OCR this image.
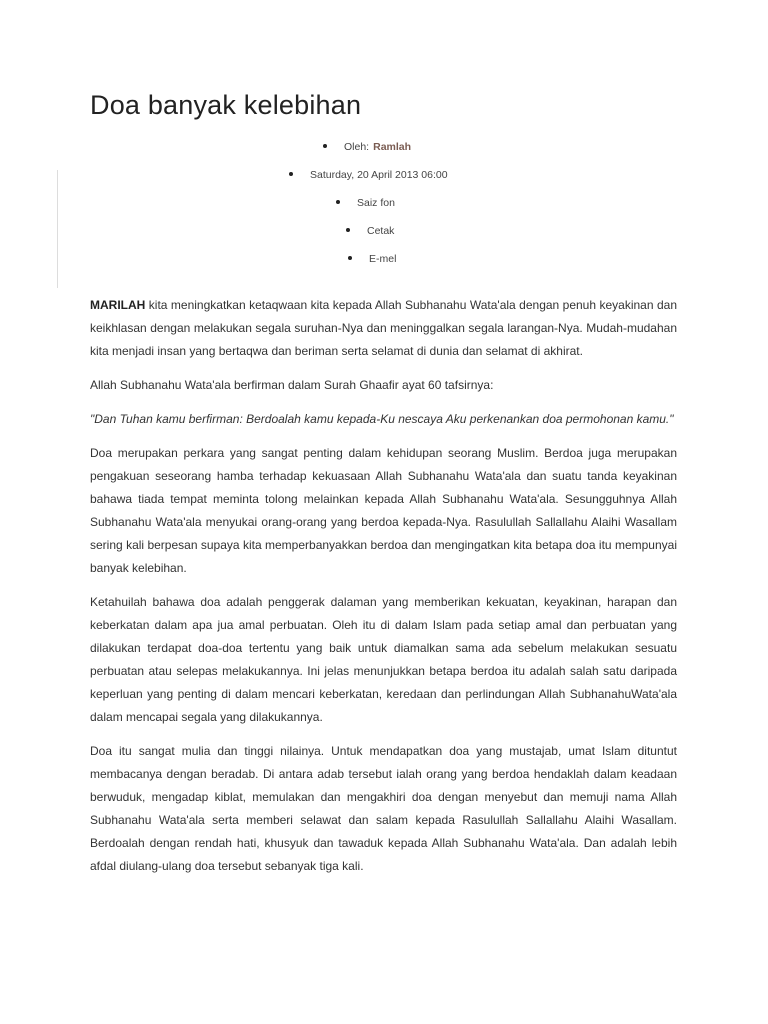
Doa banyak kelebihan
Oleh: Ramlah
Saturday, 20 April 2013 06:00
Saiz fon
Cetak
E-mel

MARILAH kita meningkatkan ketaqwaan kita kepada Allah Subhanahu Wata'ala dengan penuh keyakinan dan keikhlasan dengan melakukan segala suruhan-Nya dan meninggalkan segala larangan-Nya. Mudah-mudahan kita menjadi insan yang bertaqwa dan beriman serta selamat di dunia dan selamat di akhirat.

Allah Subhanahu Wata'ala berfirman dalam Surah Ghaafir ayat 60 tafsirnya:

"Dan Tuhan kamu berfirman: Berdoalah kamu kepada-Ku nescaya Aku perkenankan doa permohonan kamu."

Doa merupakan perkara yang sangat penting dalam kehidupan seorang Muslim. Berdoa juga merupakan pengakuan seseorang hamba terhadap kekuasaan Allah Subhanahu Wata'ala dan suatu tanda keyakinan bahawa tiada tempat meminta tolong melainkan kepada Allah Subhanahu Wata'ala. Sesungguhnya Allah Subhanahu Wata'ala menyukai orang-orang yang berdoa kepada-Nya. Rasulullah Sallallahu Alaihi Wasallam sering kali berpesan supaya kita memperbanyakkan berdoa dan mengingatkan kita betapa doa itu mempunyai banyak kelebihan.

Ketahuilah bahawa doa adalah penggerak dalaman yang memberikan kekuatan, keyakinan, harapan dan keberkatan dalam apa jua amal perbuatan. Oleh itu di dalam Islam pada setiap amal dan perbuatan yang dilakukan terdapat doa-doa tertentu yang baik untuk diamalkan sama ada sebelum melakukan sesuatu perbuatan atau selepas melakukannya. Ini jelas menunjukkan betapa berdoa itu adalah salah satu daripada keperluan yang penting di dalam mencari keberkatan, keredaan dan perlindungan Allah SubhanahuWata'ala dalam mencapai segala yang dilakukannya.

Doa itu sangat mulia dan tinggi nilainya. Untuk mendapatkan doa yang mustajab, umat Islam dituntut membacanya dengan beradab. Di antara adab tersebut ialah orang yang berdoa hendaklah dalam keadaan berwuduk, mengadap kiblat, memulakan dan mengakhiri doa dengan menyebut dan memuji nama Allah Subhanahu Wata'ala serta memberi selawat dan salam kepada Rasulullah Sallallahu Alaihi Wasallam. Berdoalah dengan rendah hati, khusyuk dan tawaduk kepada Allah Subhanahu Wata'ala. Dan adalah lebih afdal diulang-ulang doa tersebut sebanyak tiga kali.
